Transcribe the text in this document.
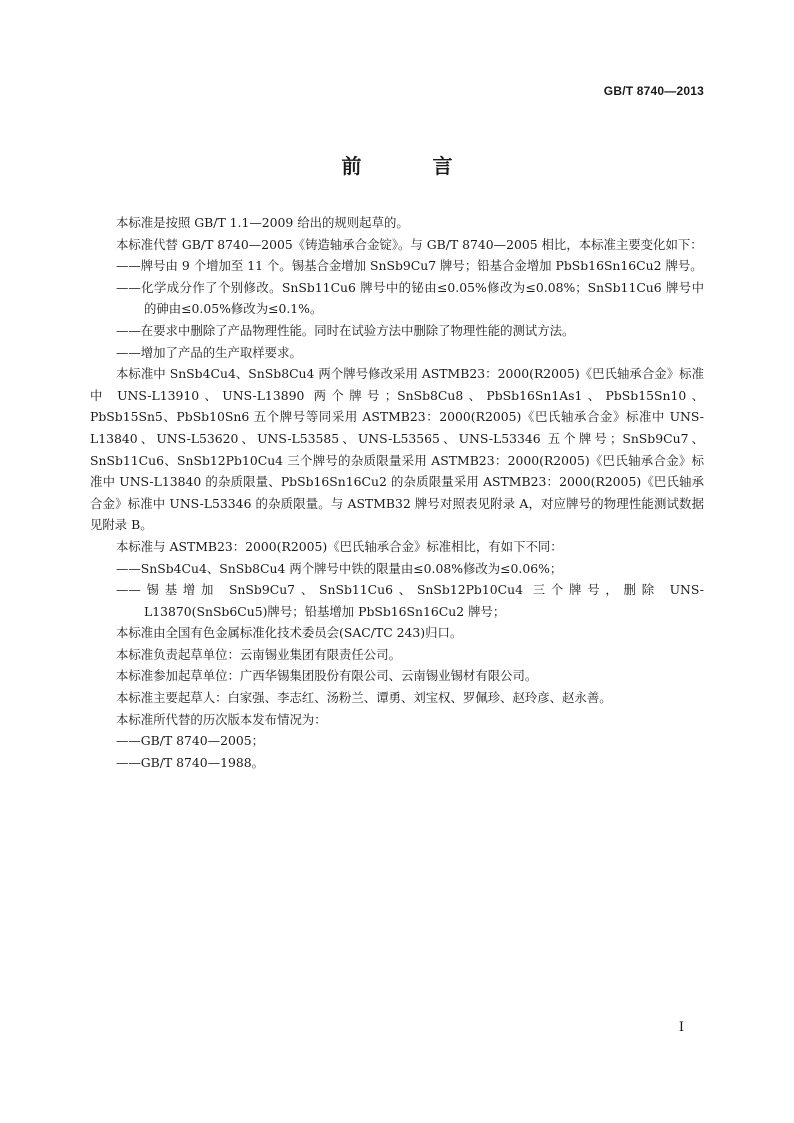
GB/T 8740—2013
前 言

本标准是按照 GB/T 1.1—2009 给出的规则起草的。

本标准代替 GB/T 8740—2005《铸造轴承合金锭》。与 GB/T 8740—2005 相比，本标准主要变化如下：

——牌号由 9 个增加至 11 个。锡基合金增加 SnSb9Cu7 牌号；铅基合金增加 PbSb16Sn16Cu2 牌号。

——化学成分作了个别修改。SnSb11Cu6 牌号中的铋由≤0.05%修改为≤0.08%；SnSb11Cu6 牌号中的砷由≤0.05%修改为≤0.1%。

——在要求中删除了产品物理性能。同时在试验方法中删除了物理性能的测试方法。

——增加了产品的生产取样要求。

本标准中 SnSb4Cu4、SnSb8Cu4 两个牌号修改采用 ASTMB23：2000(R2005)《巴氏轴承合金》标准中 UNS-L13910、UNS-L13890 两个牌号；SnSb8Cu8、PbSb16Sn1As1、PbSb15Sn10、PbSb15Sn5、PbSb10Sn6 五个牌号等同采用 ASTMB23：2000(R2005)《巴氏轴承合金》标准中 UNS-L13840、UNS-L53620、UNS-L53585、UNS-L53565、UNS-L53346 五个牌号；SnSb9Cu7、SnSb11Cu6、SnSb12Pb10Cu4 三个牌号的杂质限量采用 ASTMB23：2000(R2005)《巴氏轴承合金》标准中 UNS-L13840 的杂质限量、PbSb16Sn16Cu2 的杂质限量采用 ASTMB23：2000(R2005)《巴氏轴承合金》标准中 UNS-L53346 的杂质限量。与 ASTMB32 牌号对照表见附录 A，对应牌号的物理性能测试数据见附录 B。

本标准与 ASTMB23：2000(R2005)《巴氏轴承合金》标准相比，有如下不同：

——SnSb4Cu4、SnSb8Cu4 两个牌号中铁的限量由≤0.08%修改为≤0.06%；

——锡基增加 SnSb9Cu7、SnSb11Cu6、SnSb12Pb10Cu4 三个牌号，删除 UNS-L13870(SnSb6Cu5)牌号；铅基增加 PbSb16Sn16Cu2 牌号；

本标准由全国有色金属标准化技术委员会(SAC/TC 243)归口。

本标准负责起草单位：云南锡业集团有限责任公司。

本标准参加起草单位：广西华锡集团股份有限公司、云南锡业锡材有限公司。

本标准主要起草人：白家强、李志红、汤粉兰、谭勇、刘宝权、罗佩珍、赵玲彦、赵永善。

本标准所代替的历次版本发布情况为：

——GB/T 8740—2005；

——GB/T 8740—1988。

I
